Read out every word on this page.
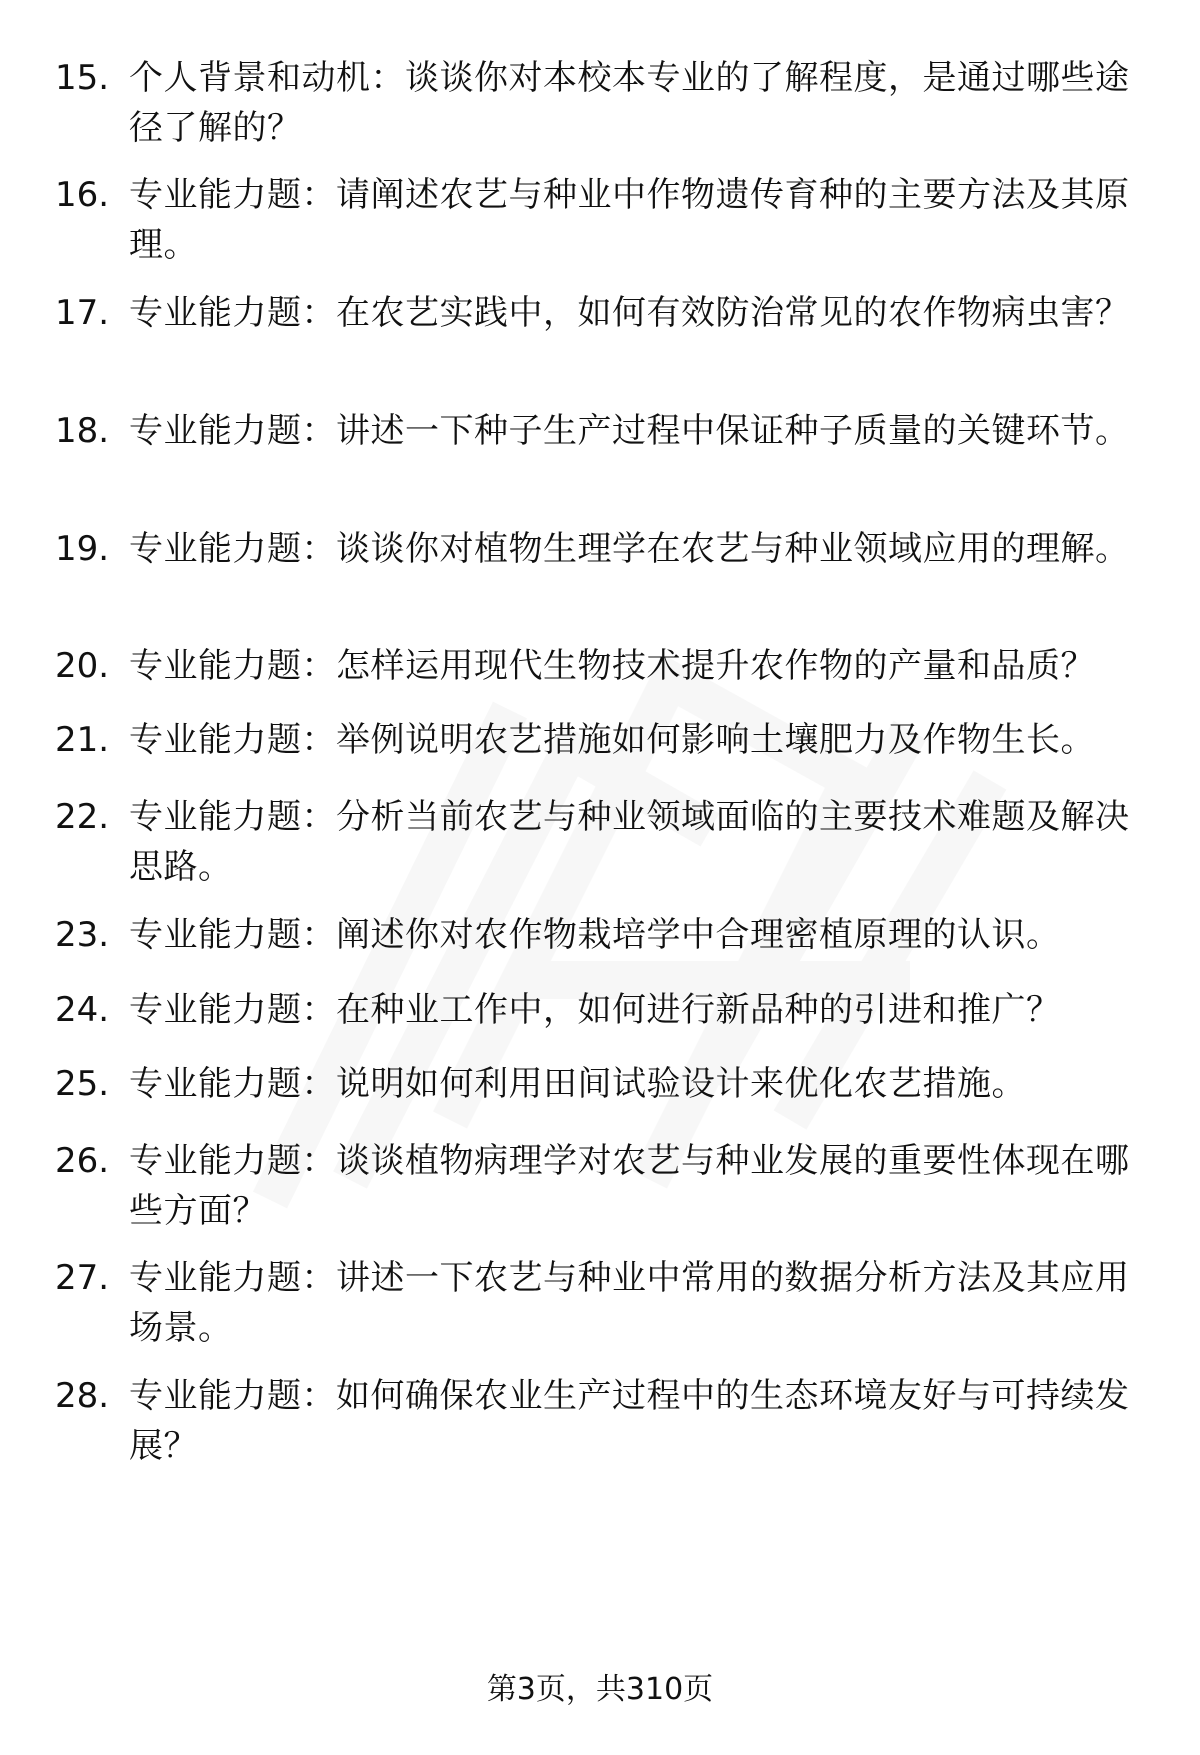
15. 个人背景和动机：谈谈你对本校本专业的了解程度，是通过哪些途径了解的？
16. 专业能力题：请阐述农艺与种业中作物遗传育种的主要方法及其原理。
17. 专业能力题：在农艺实践中，如何有效防治常见的农作物病虫害？
18. 专业能力题：讲述一下种子生产过程中保证种子质量的关键环节。
19. 专业能力题：谈谈你对植物生理学在农艺与种业领域应用的理解。
20. 专业能力题：怎样运用现代生物技术提升农作物的产量和品质？
21. 专业能力题：举例说明农艺措施如何影响土壤肥力及作物生长。
22. 专业能力题：分析当前农艺与种业领域面临的主要技术难题及解决思路。
23. 专业能力题：阐述你对农作物栽培学中合理密植原理的认识。
24. 专业能力题：在种业工作中，如何进行新品种的引进和推广？
25. 专业能力题：说明如何利用田间试验设计来优化农艺措施。
26. 专业能力题：谈谈植物病理学对农艺与种业发展的重要性体现在哪些方面？
27. 专业能力题：讲述一下农艺与种业中常用的数据分析方法及其应用场景。
28. 专业能力题：如何确保农业生产过程中的生态环境友好与可持续发展？
第3页，共310页
